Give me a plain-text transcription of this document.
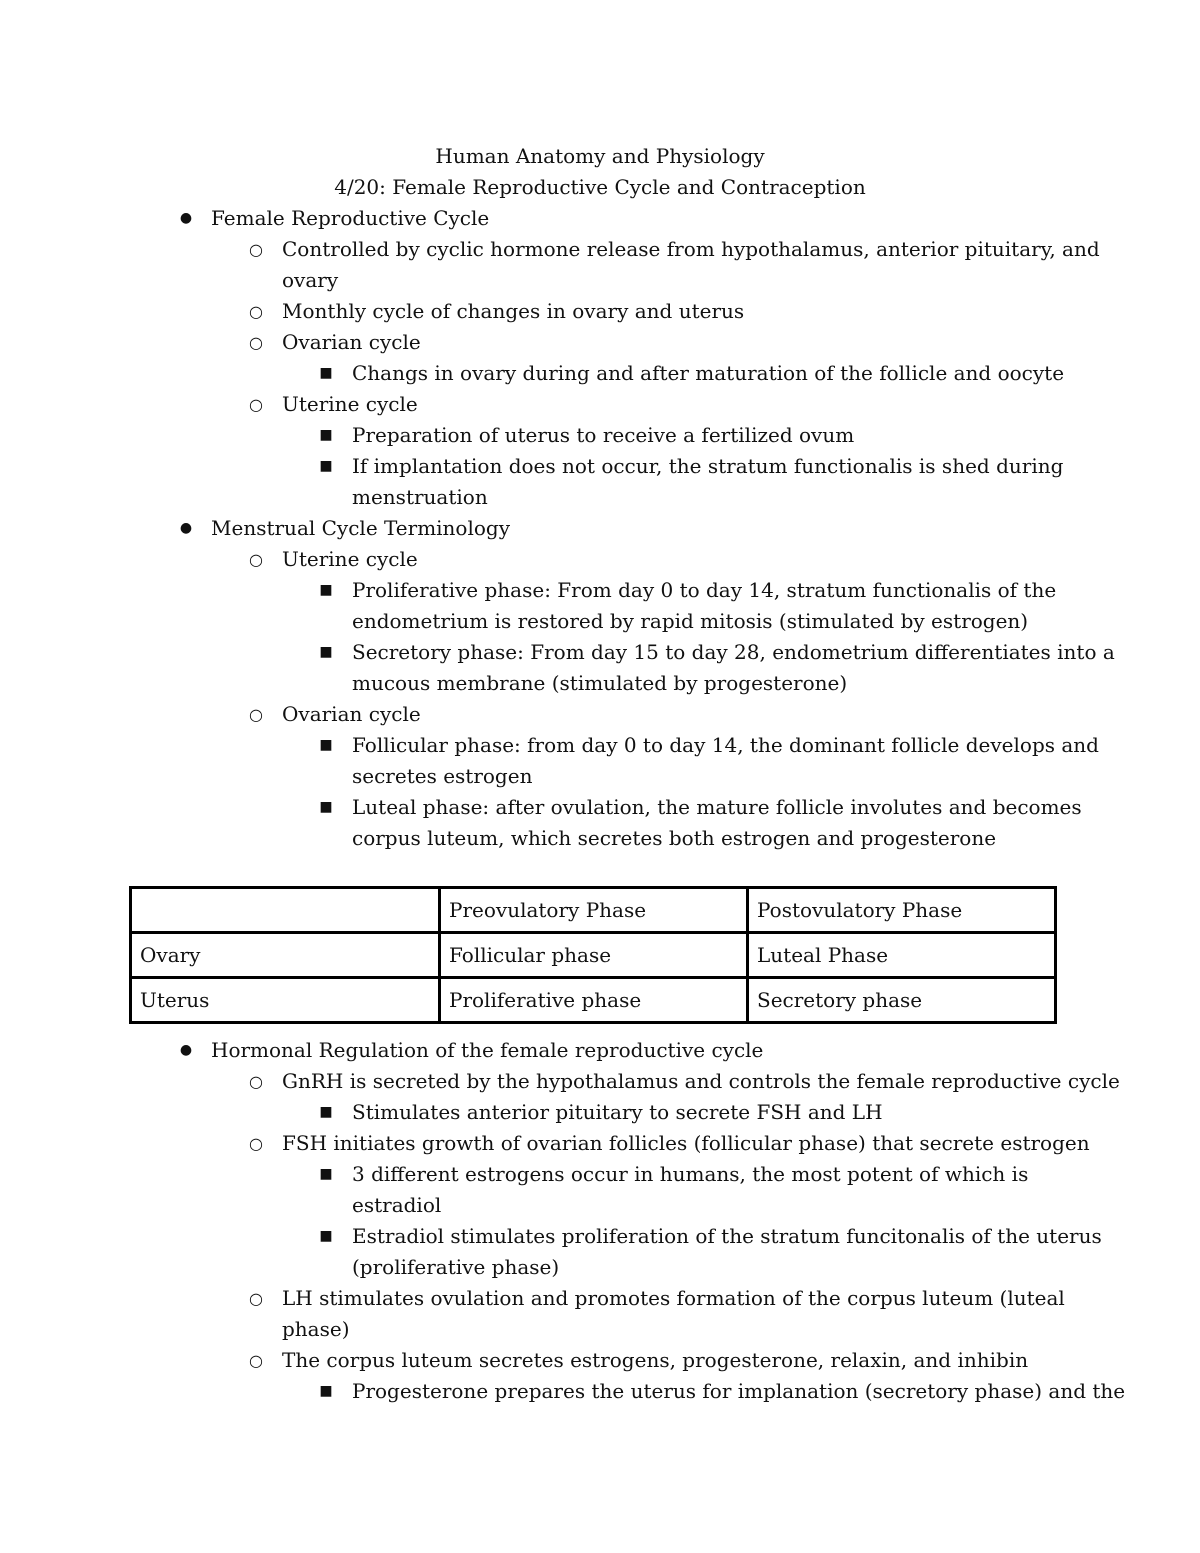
Human Anatomy and Physiology
4/20: Female Reproductive Cycle and Contraception
● Female Reproductive Cycle
○ Controlled by cyclic hormone release from hypothalamus, anterior pituitary, and
ovary
○ Monthly cycle of changes in ovary and uterus
○ Ovarian cycle
■ Changs in ovary during and after maturation of the follicle and oocyte
○ Uterine cycle
■ Preparation of uterus to receive a fertilized ovum
■ If implantation does not occur, the stratum functionalis is shed during
menstruation
● Menstrual Cycle Terminology
○ Uterine cycle
■ Proliferative phase: From day 0 to day 14, stratum functionalis of the
endometrium is restored by rapid mitosis (stimulated by estrogen)
■ Secretory phase: From day 15 to day 28, endometrium differentiates into a
mucous membrane (stimulated by progesterone)
○ Ovarian cycle
■ Follicular phase: from day 0 to day 14, the dominant follicle develops and
secretes estrogen
■ Luteal phase: after ovulation, the mature follicle involutes and becomes
corpus luteum, which secretes both estrogen and progesterone
	Preovulatory Phase	Postovulatory Phase
Ovary	Follicular phase	Luteal Phase
Uterus	Proliferative phase	Secretory phase
● Hormonal Regulation of the female reproductive cycle
○ GnRH is secreted by the hypothalamus and controls the female reproductive cycle
■ Stimulates anterior pituitary to secrete FSH and LH
○ FSH initiates growth of ovarian follicles (follicular phase) that secrete estrogen
■ 3 different estrogens occur in humans, the most potent of which is
estradiol
■ Estradiol stimulates proliferation of the stratum funcitonalis of the uterus
(proliferative phase)
○ LH stimulates ovulation and promotes formation of the corpus luteum (luteal
phase)
○ The corpus luteum secretes estrogens, progesterone, relaxin, and inhibin
■ Progesterone prepares the uterus for implanation (secretory phase) and the
